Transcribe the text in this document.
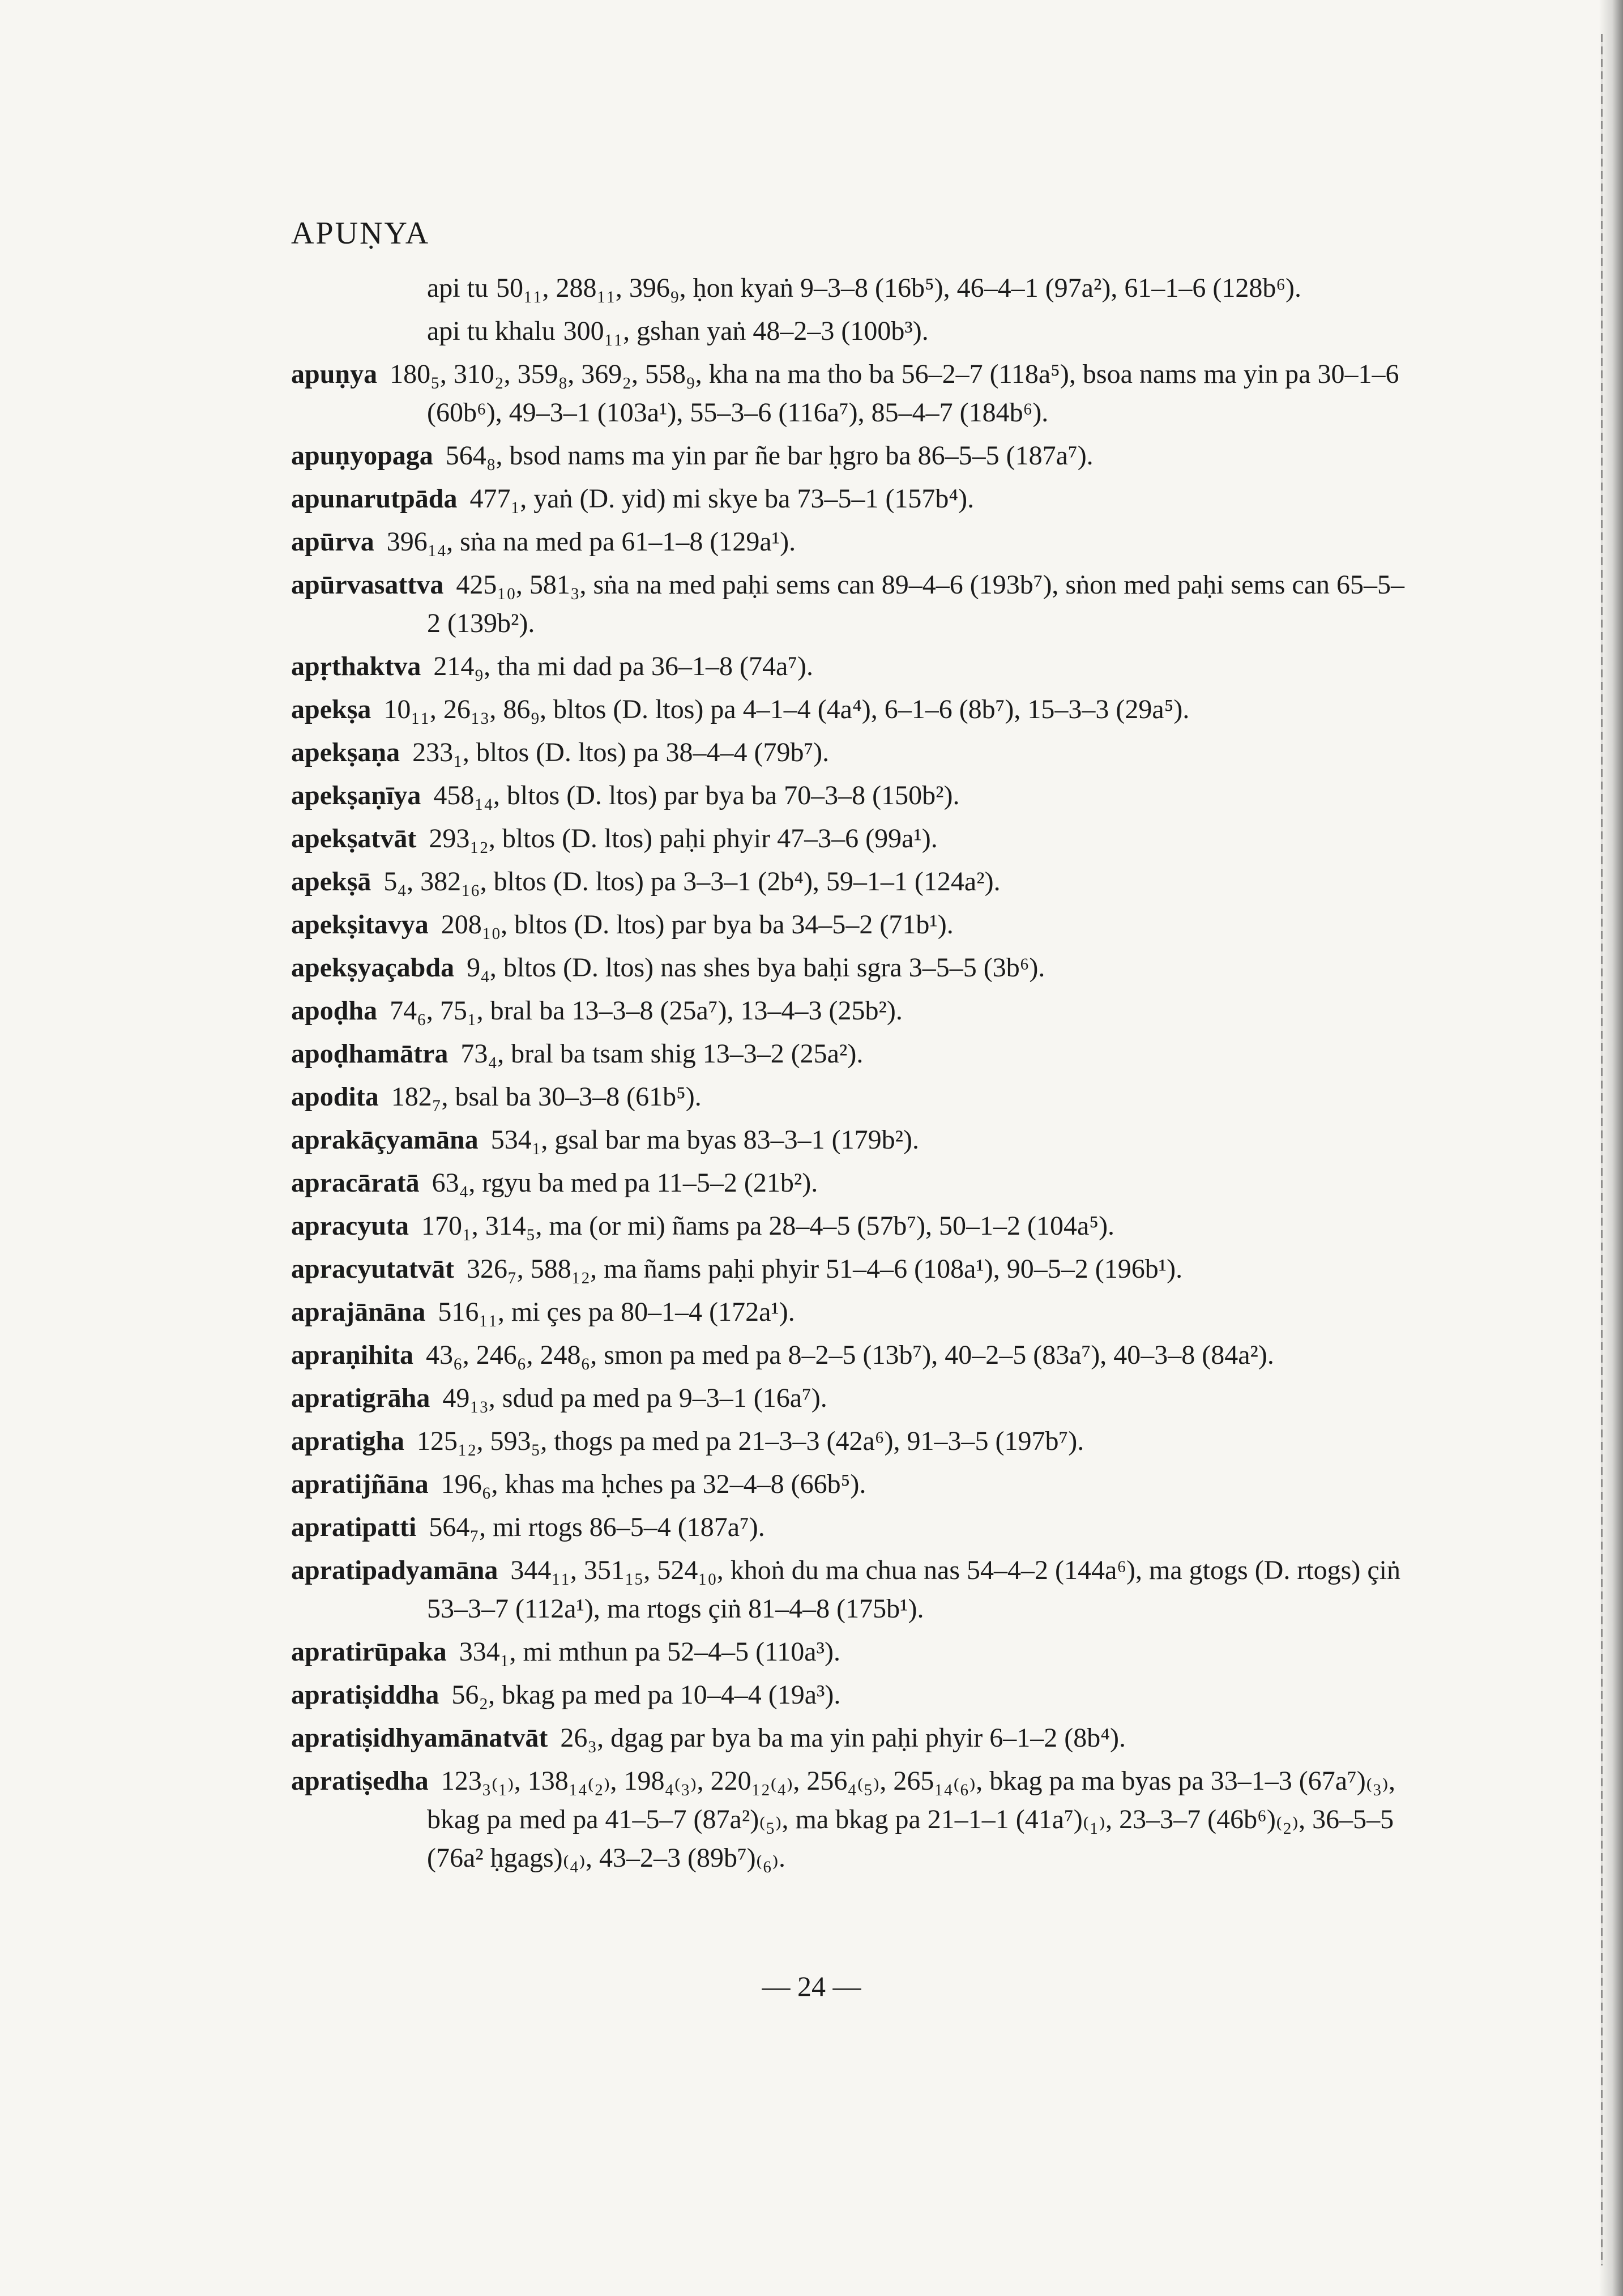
APUṆYA

api tu 50₁₁, 288₁₁, 396₉, ḥon kyaṅ 9–3–8 (16b⁵), 46–4–1 (97a²), 61–1–6 (128b⁶).

api tu khalu 300₁₁, gshan yaṅ 48–2–3 (100b³).

apuṇya 180₅, 310₂, 359₈, 369₂, 558₉, kha na ma tho ba 56–2–7 (118a⁵), bsoa nams ma yin pa 30–1–6 (60b⁶), 49–3–1 (103a¹), 55–3–6 (116a⁷), 85–4–7 (184b⁶).

apuṇyopaga 564₈, bsod nams ma yin par ñe bar ḥgro ba 86–5–5 (187a⁷).

apunarutpāda 477₁, yaṅ (D. yid) mi skye ba 73–5–1 (157b⁴).

apūrva 396₁₄, sṅa na med pa 61–1–8 (129a¹).

apūrvasattva 425₁₀, 581₃, sṅa na med paḥi sems can 89–4–6 (193b⁷), sṅon med paḥi sems can 65–5–2 (139b²).

apṛthaktva 214₉, tha mi dad pa 36–1–8 (74a⁷).

apekṣa 10₁₁, 26₁₃, 86₉, bltos (D. ltos) pa 4–1–4 (4a⁴), 6–1–6 (8b⁷), 15–3–3 (29a⁵).

apekṣaṇa 233₁, bltos (D. ltos) pa 38–4–4 (79b⁷).

apekṣaṇīya 458₁₄, bltos (D. ltos) par bya ba 70–3–8 (150b²).

apekṣatvāt 293₁₂, bltos (D. ltos) paḥi phyir 47–3–6 (99a¹).

apekṣā 5₄, 382₁₆, bltos (D. ltos) pa 3–3–1 (2b⁴), 59–1–1 (124a²).

apekṣitavya 208₁₀, bltos (D. ltos) par bya ba 34–5–2 (71b¹).

apekṣyaçabda 9₄, bltos (D. ltos) nas shes bya baḥi sgra 3–5–5 (3b⁶).

apoḍha 74₆, 75₁, bral ba 13–3–8 (25a⁷), 13–4–3 (25b²).

apoḍhamātra 73₄, bral ba tsam shig 13–3–2 (25a²).

apodita 182₇, bsal ba 30–3–8 (61b⁵).

aprakāçyamāna 534₁, gsal bar ma byas 83–3–1 (179b²).

apracāratā 63₄, rgyu ba med pa 11–5–2 (21b²).

apracyuta 170₁, 314₅, ma (or mi) ñams pa 28–4–5 (57b⁷), 50–1–2 (104a⁵).

apracyutatvāt 326₇, 588₁₂, ma ñams paḥi phyir 51–4–6 (108a¹), 90–5–2 (196b¹).

aprajānāna 516₁₁, mi çes pa 80–1–4 (172a¹).

apraṇihita 43₆, 246₆, 248₆, smon pa med pa 8–2–5 (13b⁷), 40–2–5 (83a⁷), 40–3–8 (84a²).

apratigrāha 49₁₃, sdud pa med pa 9–3–1 (16a⁷).

apratigha 125₁₂, 593₅, thogs pa med pa 21–3–3 (42a⁶), 91–3–5 (197b⁷).

apratijñāna 196₆, khas ma ḥches pa 32–4–8 (66b⁵).

apratipatti 564₇, mi rtogs 86–5–4 (187a⁷).

apratipadyamāna 344₁₁, 351₁₅, 524₁₀, khoṅ du ma chua nas 54–4–2 (144a⁶), ma gtogs (D. rtogs) çiṅ 53–3–7 (112a¹), ma rtogs çiṅ 81–4–8 (175b¹).

apratirūpaka 334₁, mi mthun pa 52–4–5 (110a³).

apratiṣiddha 56₂, bkag pa med pa 10–4–4 (19a³).

apratiṣidhyamānatvāt 26₃, dgag par bya ba ma yin paḥi phyir 6–1–2 (8b⁴).

apratiṣedha 123₃₍₁₎, 138₁₄₍₂₎, 198₄₍₃₎, 220₁₂₍₄₎, 256₄₍₅₎, 265₁₄₍₆₎, bkag pa ma byas pa 33–1–3 (67a⁷)₍₃₎, bkag pa med pa 41–5–7 (87a²)₍₅₎, ma bkag pa 21–1–1 (41a⁷)₍₁₎, 23–3–7 (46b⁶)₍₂₎, 36–5–5 (76a² ḥgags)₍₄₎, 43–2–3 (89b⁷)₍₆₎.

— 24 —
